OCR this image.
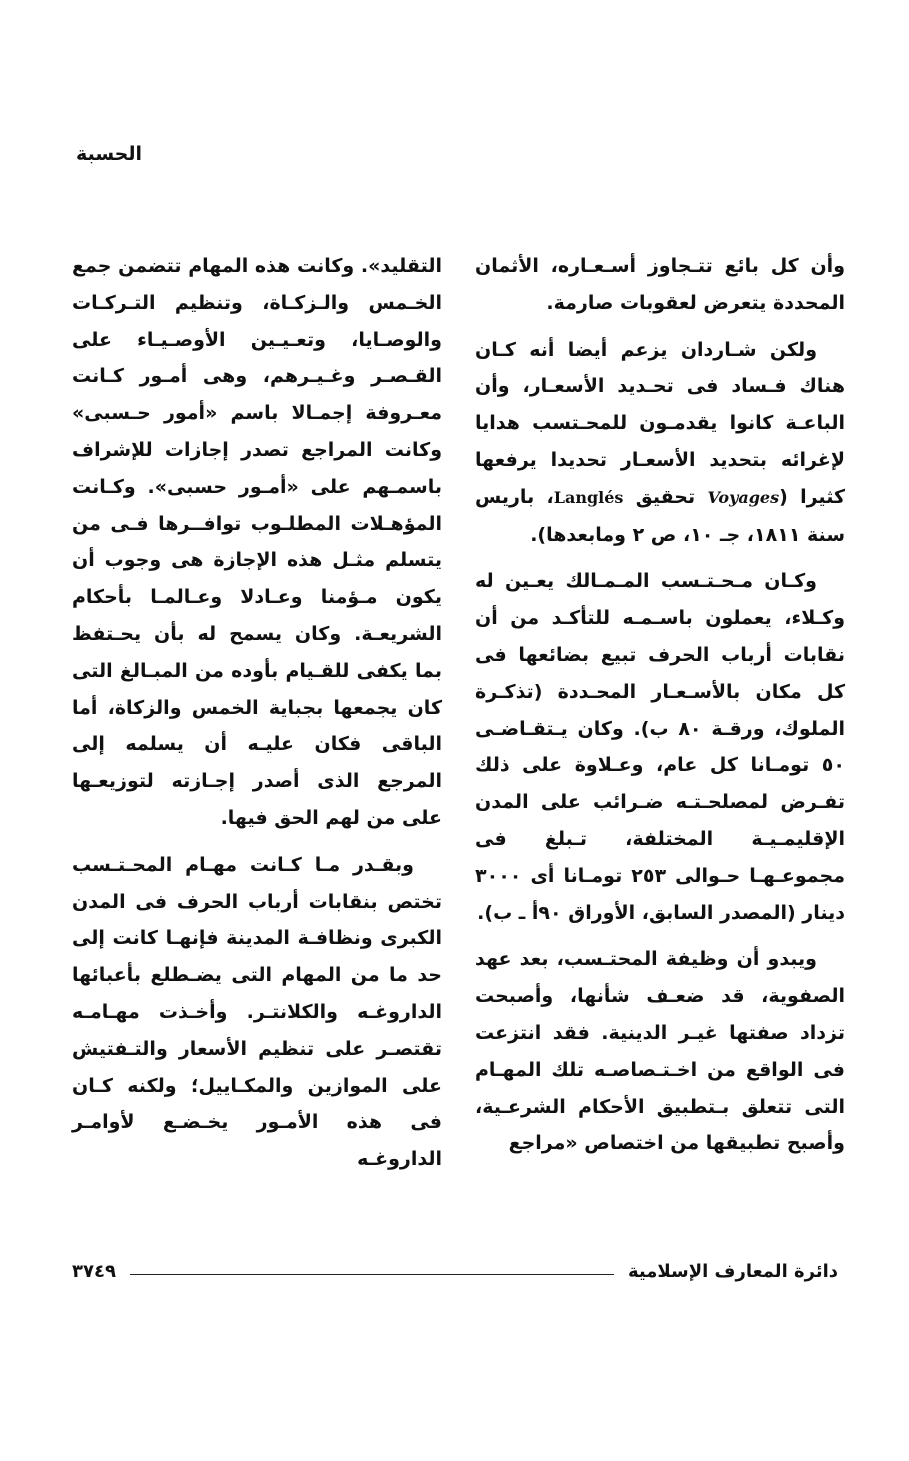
الحسبة

وأن كل بائع تتـجاوز أسـعـاره، الأثمان المحددة يتعرض لعقوبات صارمة.

ولكن شـاردان يزعم أيضا أنه كـان هناك فـساد فى تحـديد الأسعـار، وأن الباعـة كانوا يقدمـون للمحـتسب هدايا لإغرائه بتحديد الأسعـار تحديدا يرفعها كثيرا (Voyages تحقيق Langlés، باريس سنة ١٨١١، جـ ١٠، ص ٢ ومابعدها).

وكـان مـحـتـسب المـمـالك يعـين له وكـلاء، يعملون باسـمـه للتأكـد من أن نقابات أرباب الحرف تبيع بضائعها فى كل مكان بالأسـعـار المحـددة (تذكـرة الملوك، ورقـة ٨٠ ب). وكان يـتقـاضـى ٥٠ تومـانا كل عام، وعـلاوة على ذلك تفـرض لمصلحـتـه ضـرائب على المدن الإقليمـيـة المختلفة، تـبلغ فى مجموعـهـا حـوالى ٢٥٣ تومـانا أى ٣٠٠٠ دينار (المصدر السابق، الأوراق ٩٠أ ـ ب).

ويبدو أن وظيفة المحتـسب، بعد عهد الصفوية، قد ضعـف شأنها، وأصبحت تزداد صفتها غيـر الدينية. فقد انتزعت فى الواقع من اخـتـصاصـه تلك المهـام التى تتعلق بـتطبيق الأحكام الشرعـية، وأصبح تطبيقها من اختصاص «مراجع

التقليد». وكانت هذه المهام تتضمن جمع الخـمس والـزكـاة، وتنظيم التـركـات والوصـايا، وتعـيـين الأوصـيـاء على القـصـر وغـيـرهم، وهى أمـور كـانت معـروفة إجمـالا باسم «أمور حـسبى» وكانت المراجع تصدر إجازات للإشراف باسمـهم على «أمـور حسبى». وكـانت المؤهـلات المطلـوب توافــرها فـى من يتسلم مثـل هذه الإجازة هى وجوب أن يكون مـؤمنا وعـادلا وعـالمـا بأحكام الشريعـة. وكان يسمح له بأن يحـتفظ بما يكفى للقـيام بأوده من المبـالغ التى كان يجمعها بجباية الخمس والزكاة، أما الباقى فكان عليـه أن يسلمه إلى المرجع الذى أصدر إجـازته لتوزيعـها على من لهم الحق فيها.

وبقـدر مـا كـانت مهـام المحـتـسب تختص بنقابات أرباب الحرف فى المدن الكبرى ونظافـة المدينة فإنهـا كانت إلى حد ما من المهام التى يضـطلع بأعبائها الداروغـه والكلانتـر. وأخـذت مهـامـه تقتصـر على تنظيم الأسعار والتـفتيش على الموازين والمكـاييل؛ ولكنه كـان فى هذه الأمـور يخـضـع لأوامـر الداروغـه

دائرة المعارف الإسلامية
٣٧٤٩
